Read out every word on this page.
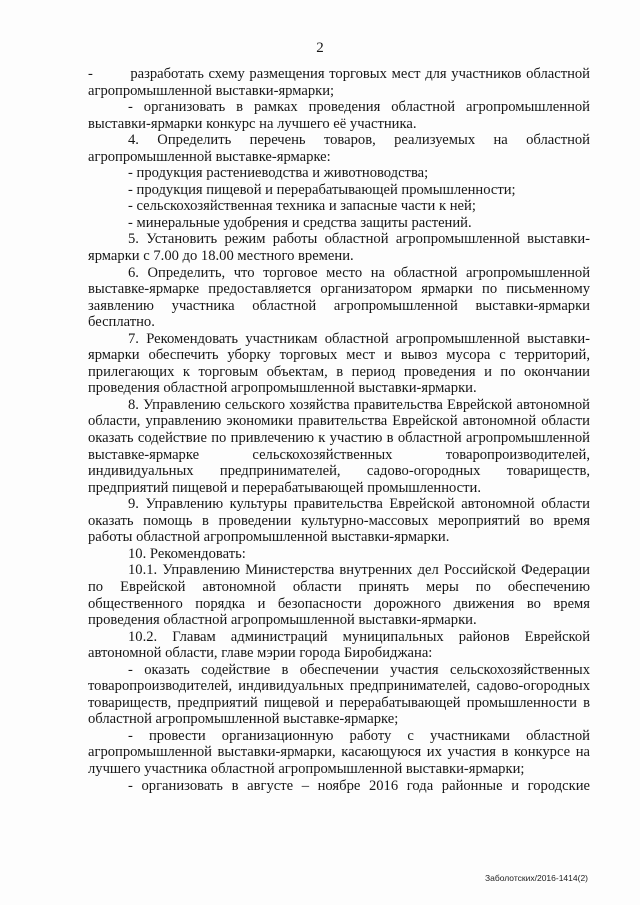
2

-        разработать схему размещения торговых мест для участников областной агропромышленной выставки-ярмарки;

- организовать в рамках проведения областной агропромышленной выставки-ярмарки конкурс на лучшего её участника.

4. Определить перечень товаров, реализуемых на областной агропромышленной выставке-ярмарке:

- продукция растениеводства и животноводства;

- продукция пищевой и перерабатывающей промышленности;

- сельскохозяйственная техника и запасные части к ней;

- минеральные удобрения и средства защиты растений.

5. Установить режим работы областной агропромышленной выставки-ярмарки с 7.00 до 18.00 местного времени.

6. Определить, что торговое место на областной агропромышленной выставке-ярмарке предоставляется организатором ярмарки по письменному заявлению участника областной агропромышленной выставки-ярмарки бесплатно.

7. Рекомендовать участникам областной агропромышленной выставки-ярмарки обеспечить уборку торговых мест и вывоз мусора с территорий, прилегающих к торговым объектам, в период проведения и по окончании проведения областной агропромышленной выставки-ярмарки.

8. Управлению сельского хозяйства правительства Еврейской автономной области, управлению экономики правительства Еврейской автономной области оказать содействие по привлечению к участию в областной агропромышленной выставке-ярмарке сельскохозяйственных товаропроизводителей, индивидуальных предпринимателей, садово-огородных товариществ, предприятий пищевой и перерабатывающей промышленности.

9. Управлению культуры правительства Еврейской автономной области оказать помощь в проведении культурно-массовых мероприятий во время работы областной агропромышленной выставки-ярмарки.

10. Рекомендовать:

10.1. Управлению Министерства внутренних дел Российской Федерации по Еврейской автономной области принять меры по обеспечению общественного порядка и безопасности дорожного движения во время проведения областной агропромышленной выставки-ярмарки.

10.2. Главам администраций муниципальных районов Еврейской автономной области, главе мэрии города Биробиджана:

- оказать содействие в обеспечении участия сельскохозяйственных товаропроизводителей, индивидуальных предпринимателей, садово-огородных товариществ, предприятий пищевой и перерабатывающей промышленности в областной агропромышленной выставке-ярмарке;

- провести организационную работу с участниками областной агропромышленной выставки-ярмарки, касающуюся их участия в конкурсе на лучшего участника областной агропромышленной выставки-ярмарки;

- организовать в августе – ноябре 2016 года районные и городские

Заболотских/2016-1414(2)
